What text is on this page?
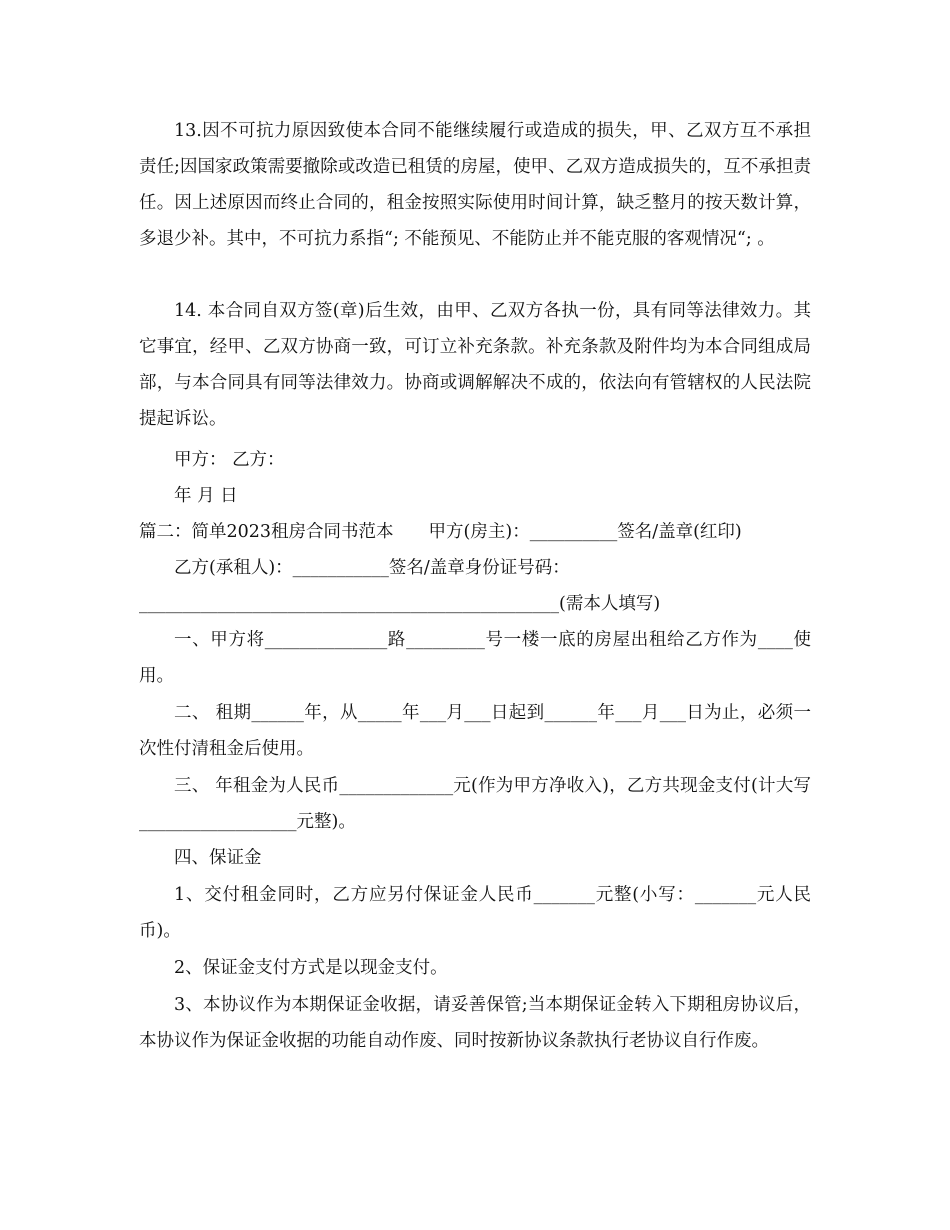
13.因不可抗力原因致使本合同不能继续履行或造成的损失，甲、乙双方互不承担责任;因国家政策需要撤除或改造已租赁的房屋，使甲、乙双方造成损失的，互不承担责任。因上述原因而终止合同的，租金按照实际使用时间计算，缺乏整月的按天数计算，多退少补。其中，不可抗力系指“; 不能预见、不能防止并不能克服的客观情况“; 。

14. 本合同自双方签(章)后生效，由甲、乙双方各执一份，具有同等法律效力。其它事宜，经甲、乙双方协商一致，可订立补充条款。补充条款及附件均为本合同组成局部，与本合同具有同等法律效力。协商或调解解决不成的，依法向有管辖权的人民法院提起诉讼。

甲方： 乙方：
年 月 日
篇二：简单2023租房合同书范本　　甲方(房主)：__________签名/盖章(红印)
乙方(承租人)：___________签名/盖章身份证号码：
________________________________________________(需本人填写)

一、甲方将______________路_________号一楼一底的房屋出租给乙方作为____使用。

二、 租期______年，从_____年___月___日起到______年___月___日为止，必须一次性付清租金后使用。

三、 年租金为人民币_____________元(作为甲方净收入)，乙方共现金支付(计大写__________________元整)。

四、保证金

1、交付租金同时，乙方应另付保证金人民币_______元整(小写：_______元人民币)。

2、保证金支付方式是以现金支付。

3、本协议作为本期保证金收据，请妥善保管;当本期保证金转入下期租房协议后，本协议作为保证金收据的功能自动作废、同时按新协议条款执行老协议自行作废。
